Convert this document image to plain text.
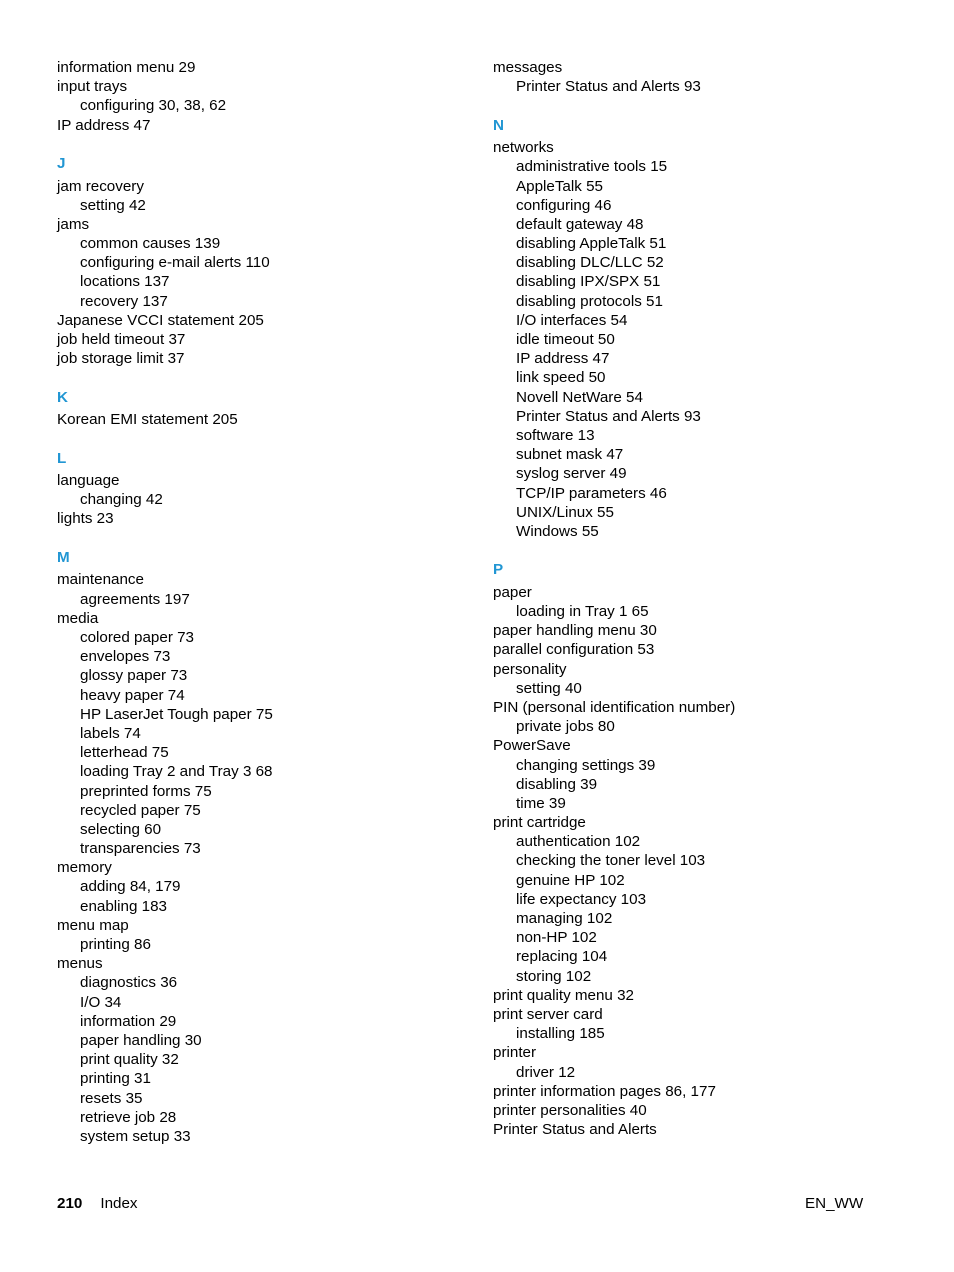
information menu 29
input trays
configuring 30, 38, 62
IP address 47
J
jam recovery
setting 42
jams
common causes 139
configuring e-mail alerts 110
locations 137
recovery 137
Japanese VCCI statement 205
job held timeout 37
job storage limit 37
K
Korean EMI statement 205
L
language
changing 42
lights 23
M
maintenance
agreements 197
media
colored paper 73
envelopes 73
glossy paper 73
heavy paper 74
HP LaserJet Tough paper 75
labels 74
letterhead 75
loading Tray 2 and Tray 3 68
preprinted forms 75
recycled paper 75
selecting 60
transparencies 73
memory
adding 84, 179
enabling 183
menu map
printing 86
menus
diagnostics 36
I/O 34
information 29
paper handling 30
print quality 32
printing 31
resets 35
retrieve job 28
system setup 33
messages
Printer Status and Alerts 93
N
networks
administrative tools 15
AppleTalk 55
configuring 46
default gateway 48
disabling AppleTalk 51
disabling DLC/LLC 52
disabling IPX/SPX 51
disabling protocols 51
I/O interfaces 54
idle timeout 50
IP address 47
link speed 50
Novell NetWare 54
Printer Status and Alerts 93
software 13
subnet mask 47
syslog server 49
TCP/IP parameters 46
UNIX/Linux 55
Windows 55
P
paper
loading in Tray 1 65
paper handling menu 30
parallel configuration 53
personality
setting 40
PIN (personal identification number)
private jobs 80
PowerSave
changing settings 39
disabling 39
time 39
print cartridge
authentication 102
checking the toner level 103
genuine HP 102
life expectancy 103
managing 102
non-HP 102
replacing 104
storing 102
print quality menu 32
print server card
installing 185
printer
driver 12
printer information pages 86, 177
printer personalities 40
Printer Status and Alerts
210 Index	EN_WW
